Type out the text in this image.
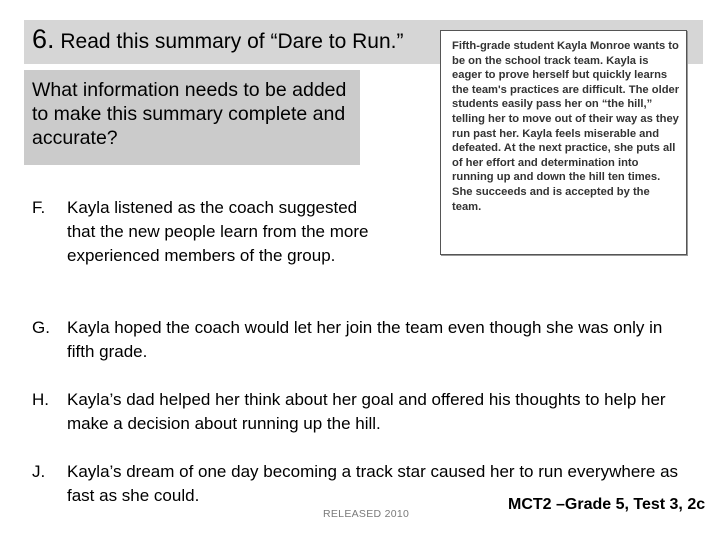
6. Read this summary of “Dare to Run.”
What information needs to be added to make this summary complete and accurate?
Fifth-grade student Kayla Monroe wants to be on the school track team. Kayla is eager to prove herself but quickly learns the team's practices are difficult. The older students easily pass her on “the hill,” telling her to move out of their way as they run past her. Kayla feels miserable and defeated. At the next practice, she puts all of her effort and determination into running up and down the hill ten times. She succeeds and is accepted by the team.
F. Kayla listened as the coach suggested that the new people learn from the more experienced members of the group.
G. Kayla hoped the coach would let her join the team even though she was only in fifth grade.
H. Kayla’s dad helped her think about her goal and offered his thoughts to help her make a decision about running up the hill.
J. Kayla’s dream of one day becoming a track star caused her to run everywhere as fast as she could.
RELEASED 2010
MCT2 –Grade 5, Test 3, 2c
